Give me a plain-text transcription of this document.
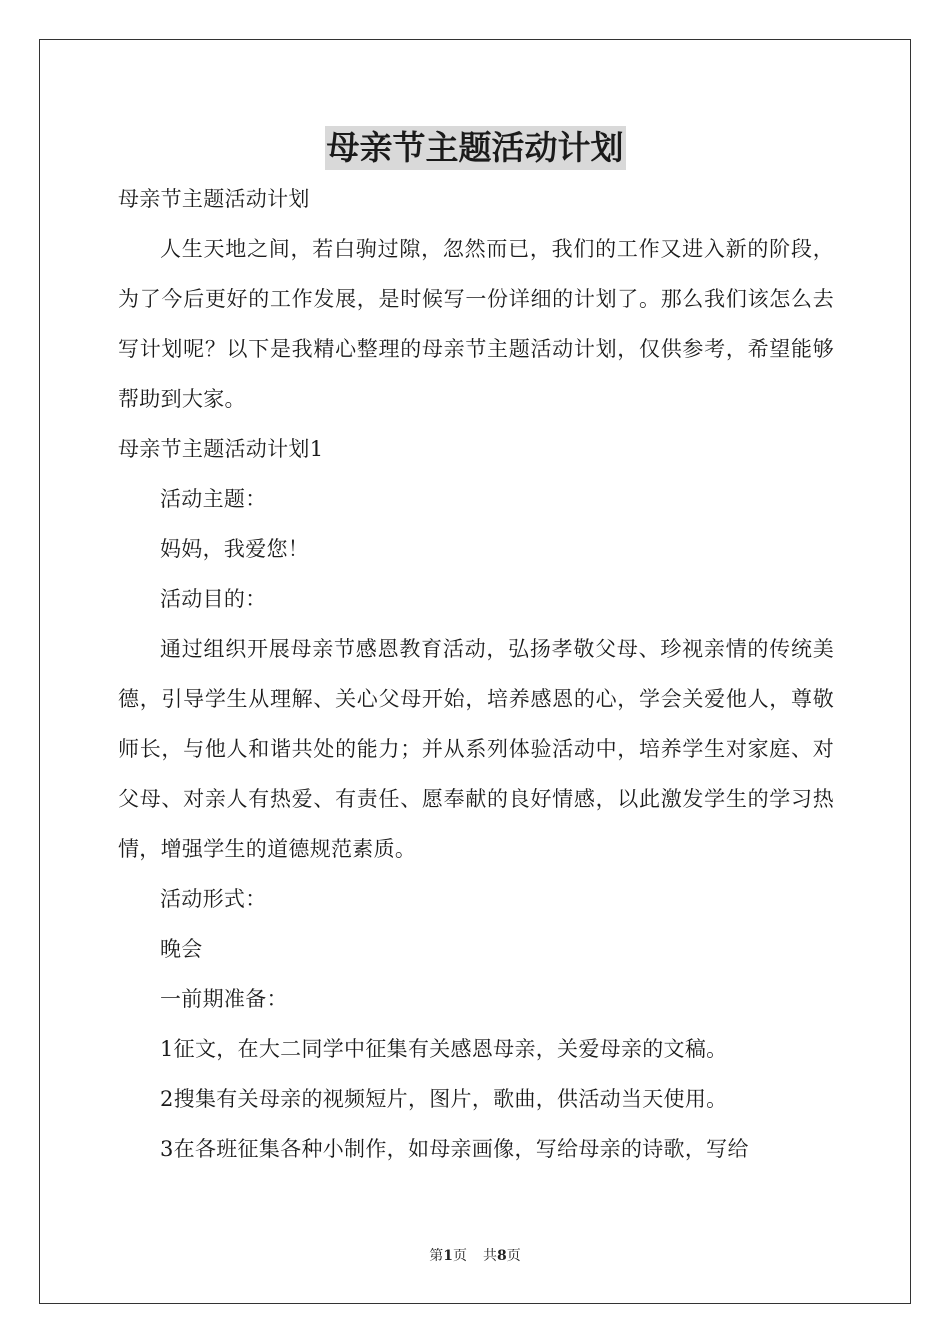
母亲节主题活动计划
母亲节主题活动计划
人生天地之间，若白驹过隙，忽然而已，我们的工作又进入新的阶段，为了今后更好的工作发展，是时候写一份详细的计划了。那么我们该怎么去写计划呢？以下是我精心整理的母亲节主题活动计划，仅供参考，希望能够帮助到大家。
母亲节主题活动计划1
活动主题：
妈妈，我爱您！
活动目的：
通过组织开展母亲节感恩教育活动，弘扬孝敬父母、珍视亲情的传统美德，引导学生从理解、关心父母开始，培养感恩的心，学会关爱他人，尊敬师长，与他人和谐共处的能力；并从系列体验活动中，培养学生对家庭、对父母、对亲人有热爱、有责任、愿奉献的良好情感，以此激发学生的学习热情，增强学生的道德规范素质。
活动形式：
晚会
一前期准备：
1征文，在大二同学中征集有关感恩母亲，关爱母亲的文稿。
2搜集有关母亲的视频短片，图片，歌曲，供活动当天使用。
3在各班征集各种小制作，如母亲画像，写给母亲的诗歌，写给
第1页 共8页
